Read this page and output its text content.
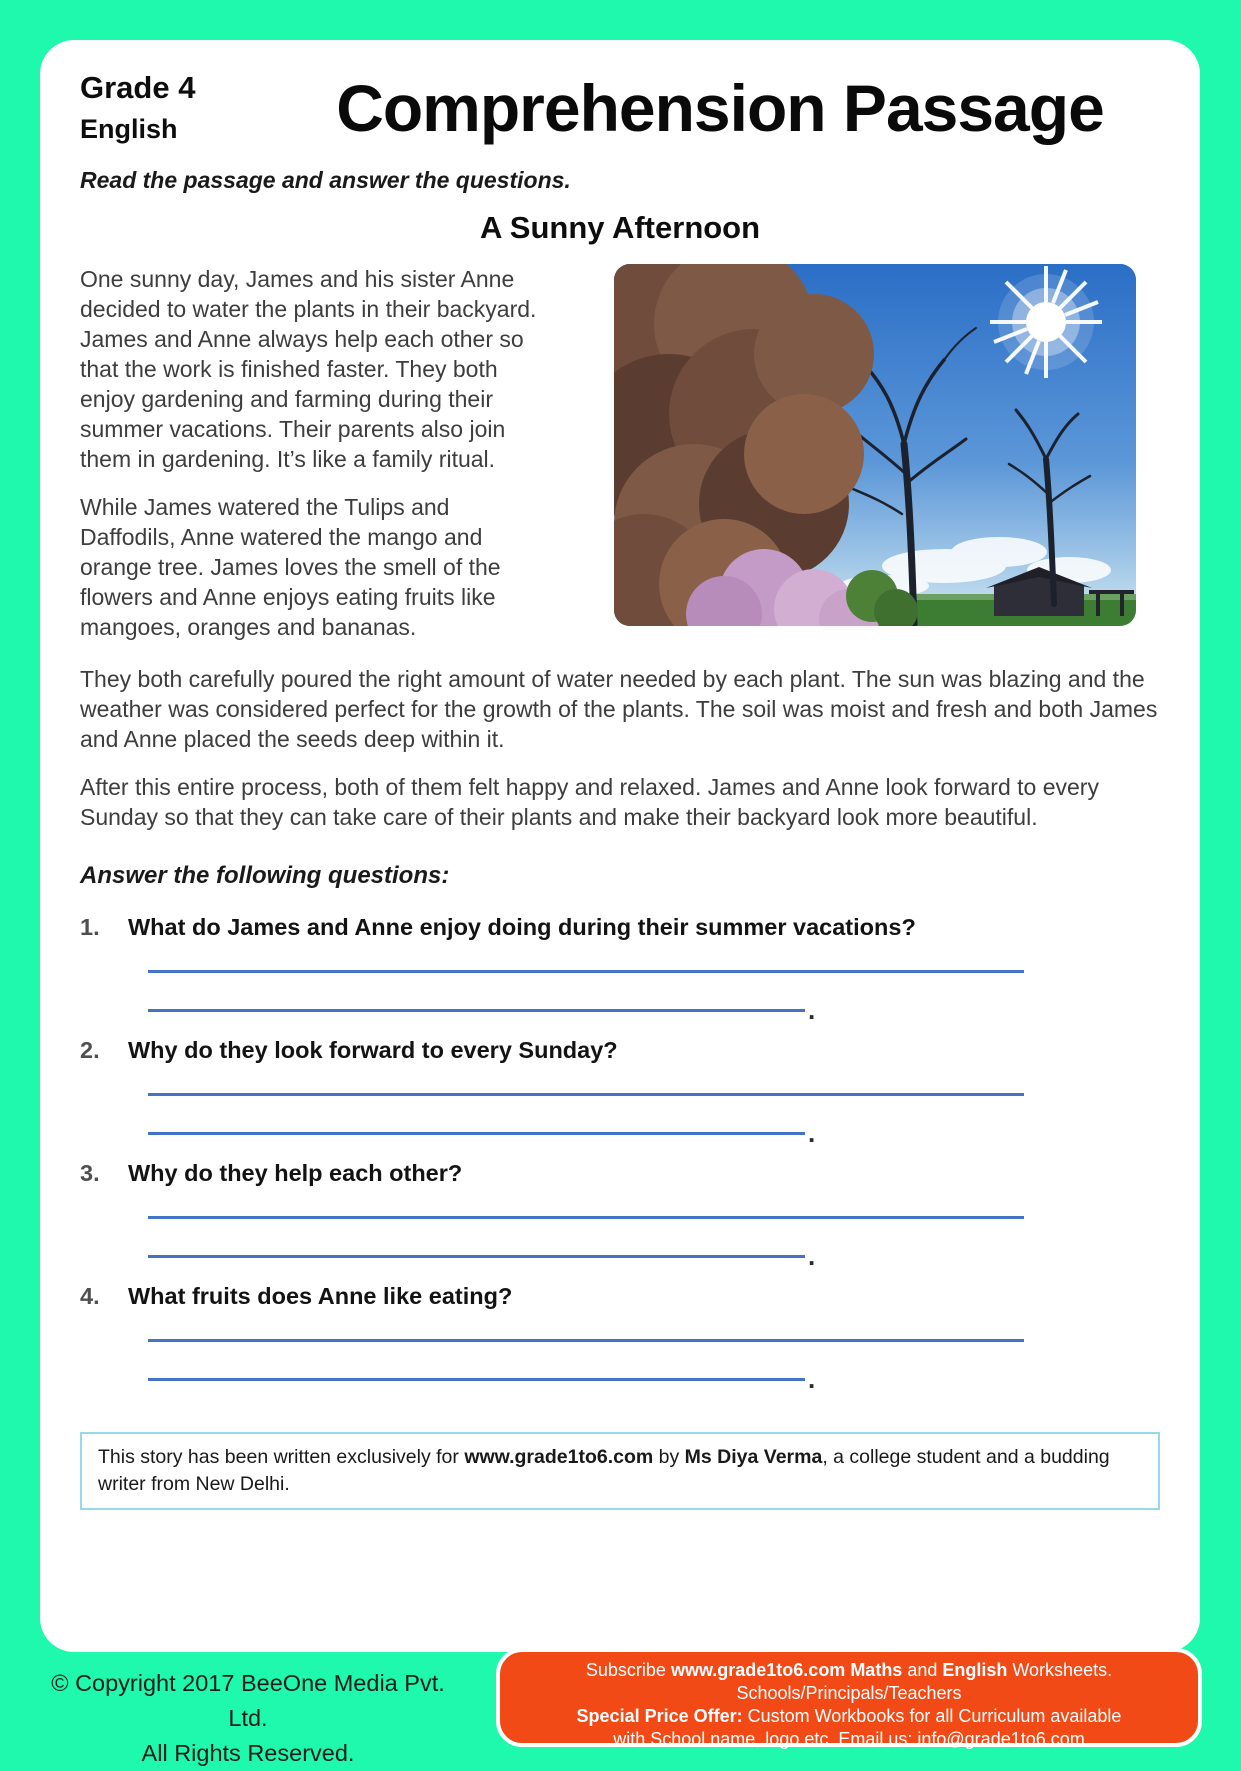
Grade 4
English	Comprehension Passage
Read the passage and answer the questions.
A Sunny Afternoon

One sunny day, James and his sister Anne decided to water the plants in their backyard. James and Anne always help each other so that the work is finished faster. They both enjoy gardening and farming during their summer vacations. Their parents also join them in gardening. It’s like a family ritual.

While James watered the Tulips and Daffodils, Anne watered the mango and orange tree. James loves the smell of the flowers and Anne enjoys eating fruits like mangoes, oranges and bananas.

They both carefully poured the right amount of water needed by each plant. The sun was blazing and the weather was considered perfect for the growth of the plants. The soil was moist and fresh and both James and Anne placed the seeds deep within it.

After this entire process, both of them felt happy and relaxed. James and Anne look forward to every Sunday so that they can take care of their plants and make their backyard look more beautiful.

Answer the following questions:
1.	What do James and Anne enjoy doing during their summer vacations?
.
2.	Why do they look forward to every Sunday?
.
3.	Why do they help each other?
.
4.	What fruits does Anne like eating?
.
This story has been written exclusively for www.grade1to6.com by Ms Diya Verma, a college student and a budding writer from New Delhi.
© Copyright 2017 BeeOne Media Pvt. Ltd.
All Rights Reserved.
Subscribe www.grade1to6.com Maths and English Worksheets.
Schools/Principals/Teachers
Special Price Offer: Custom Workbooks for all Curriculum available
with School name, logo etc. Email us: info@grade1to6.com
